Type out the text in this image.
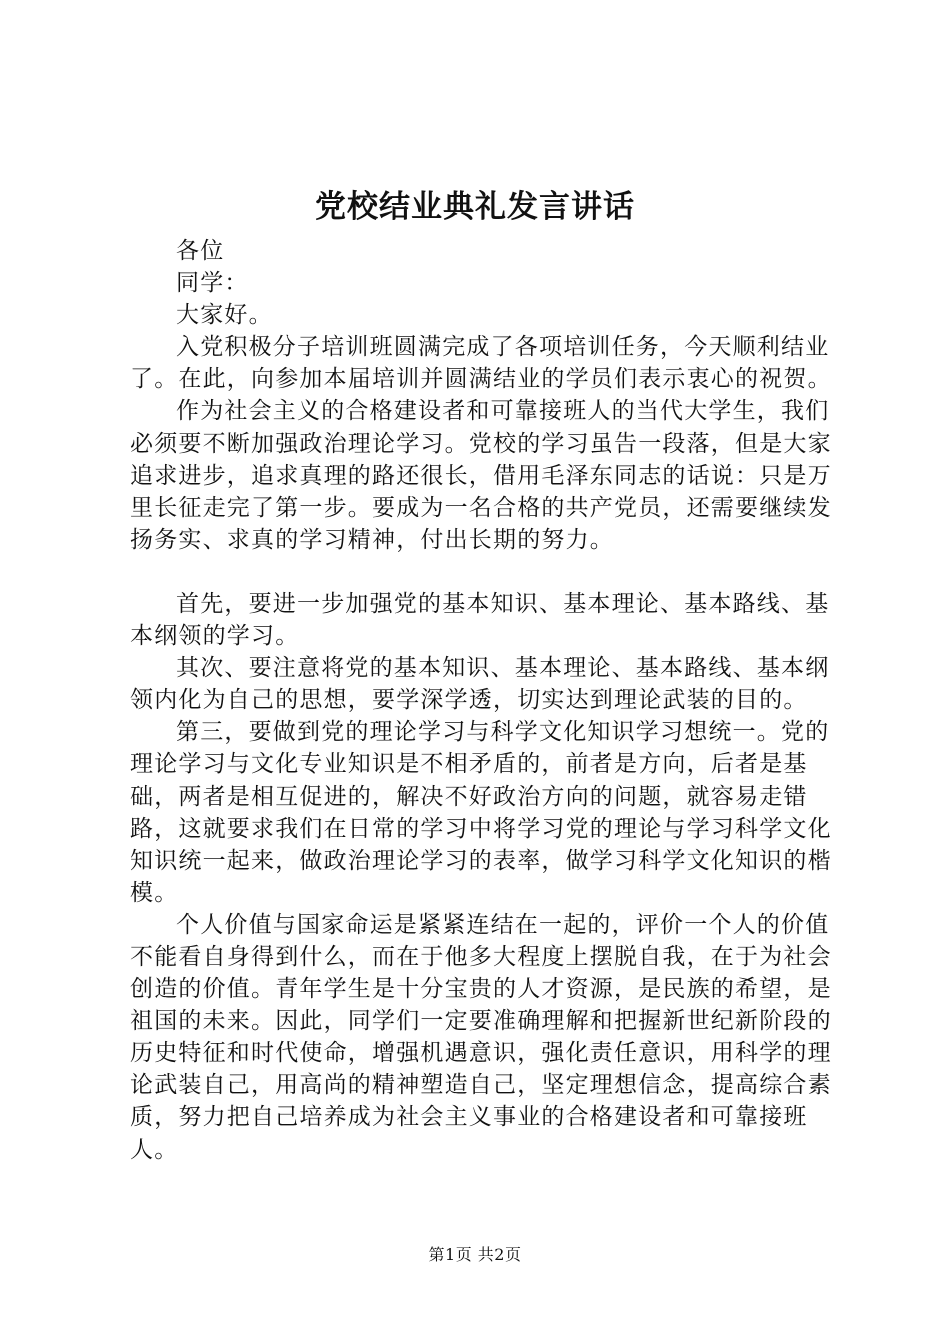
党校结业典礼发言讲话

各位

同学：

大家好。

入党积极分子培训班圆满完成了各项培训任务，今天顺利结业了。在此，向参加本届培训并圆满结业的学员们表示衷心的祝贺。

作为社会主义的合格建设者和可靠接班人的当代大学生，我们必须要不断加强政治理论学习。党校的学习虽告一段落，但是大家追求进步，追求真理的路还很长，借用毛泽东同志的话说：只是万里长征走完了第一步。要成为一名合格的共产党员，还需要继续发扬务实、求真的学习精神，付出长期的努力。

首先，要进一步加强党的基本知识、基本理论、基本路线、基本纲领的学习。

其次、要注意将党的基本知识、基本理论、基本路线、基本纲领内化为自己的思想，要学深学透，切实达到理论武装的目的。

第三，要做到党的理论学习与科学文化知识学习想统一。党的理论学习与文化专业知识是不相矛盾的，前者是方向，后者是基础，两者是相互促进的，解决不好政治方向的问题，就容易走错路，这就要求我们在日常的学习中将学习党的理论与学习科学文化知识统一起来，做政治理论学习的表率，做学习科学文化知识的楷模。

个人价值与国家命运是紧紧连结在一起的，评价一个人的价值不能看自身得到什么，而在于他多大程度上摆脱自我，在于为社会创造的价值。青年学生是十分宝贵的人才资源，是民族的希望，是祖国的未来。因此，同学们一定要准确理解和把握新世纪新阶段的历史特征和时代使命，增强机遇意识，强化责任意识，用科学的理论武装自己，用高尚的精神塑造自己，坚定理想信念，提高综合素质，努力把自己培养成为社会主义事业的合格建设者和可靠接班人。

第1页 共2页
